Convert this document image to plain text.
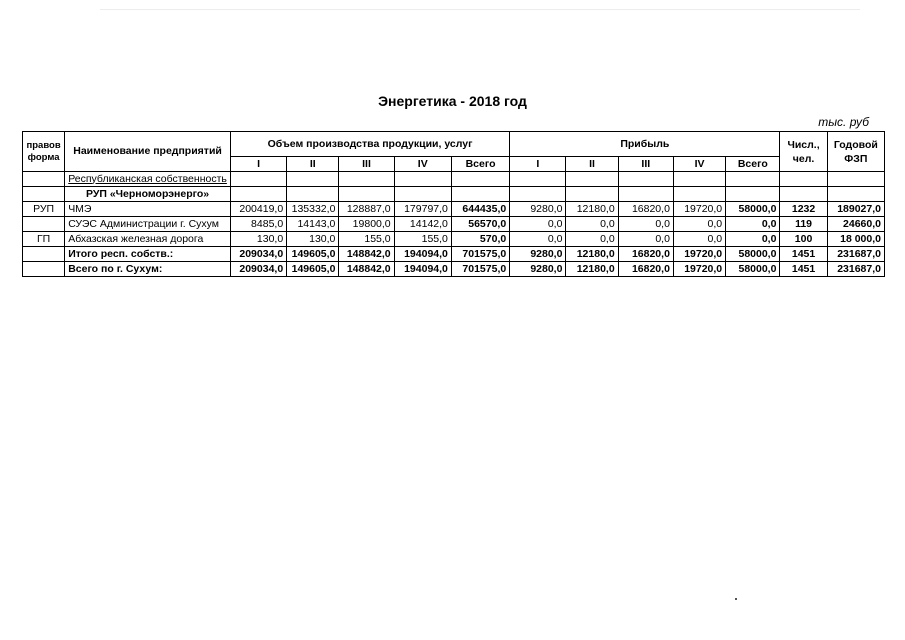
Энергетика - 2018 год
тыс. руб
правов форма	Наименование предприятий	Объем производства продукции, услуг					Прибыль					Числ., чел.	Годовой ФЗП
		I	II	III	IV	Всего	I	II	III	IV	Всего		
	Республиканская собственность												
	РУП «Черноморэнерго»												
РУП	ЧМЭ	200419,0	135332,0	128887,0	179797,0	644435,0	9280,0	12180,0	16820,0	19720,0	58000,0	1232	189027,0
	СУЭС Администрации г. Сухум	8485,0	14143,0	19800,0	14142,0	56570,0	0,0	0,0	0,0	0,0	0,0	119	24660,0
ГП	Абхазская железная дорога	130,0	130,0	155,0	155,0	570,0	0,0	0,0	0,0	0,0	0,0	100	18 000,0
	Итого респ. собств.:	209034,0	149605,0	148842,0	194094,0	701575,0	9280,0	12180,0	16820,0	19720,0	58000,0	1451	231687,0
	Всего по г. Сухум:	209034,0	149605,0	148842,0	194094,0	701575,0	9280,0	12180,0	16820,0	19720,0	58000,0	1451	231687,0
